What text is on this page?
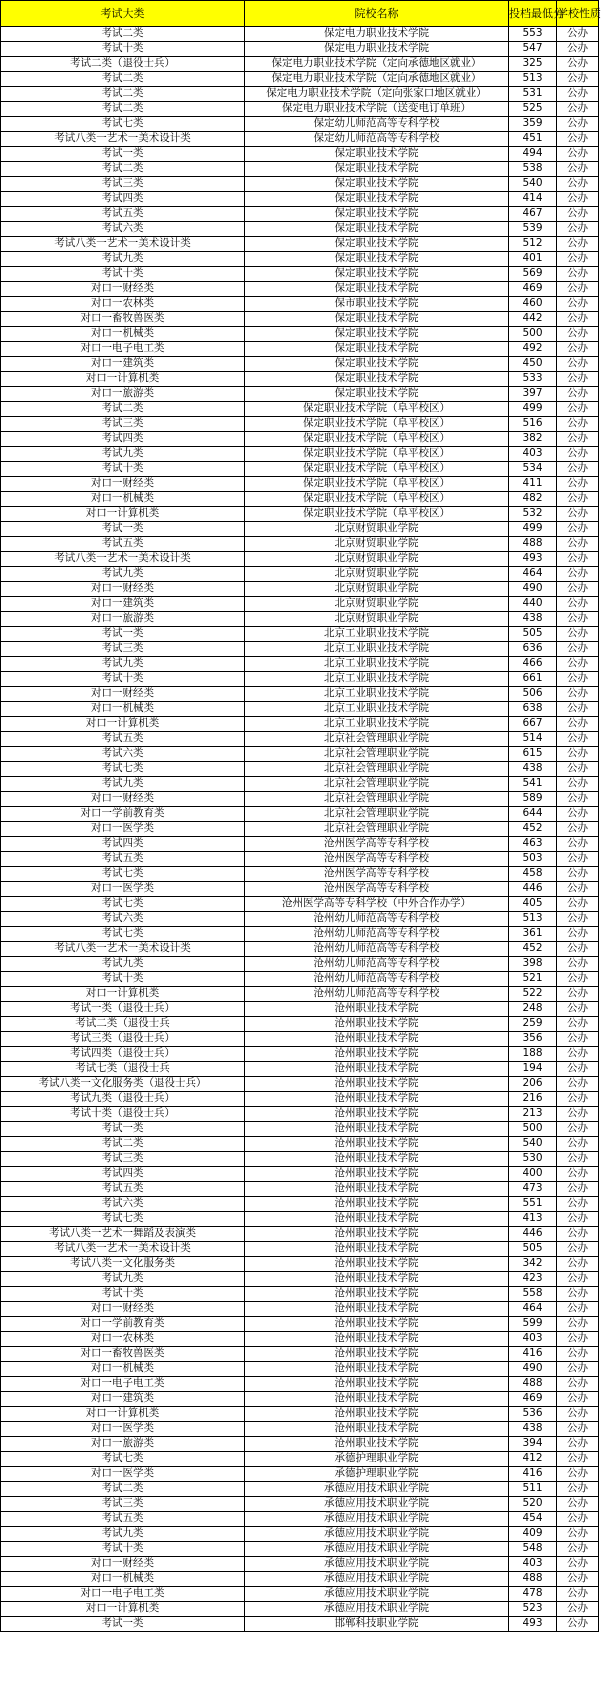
考试大类	院校名称	投档最低分	学校性质
考试二类	保定电力职业技术学院	553	公办
考试十类	保定电力职业技术学院	547	公办
考试二类（退役士兵）	保定电力职业技术学院（定向承德地区就业）	325	公办
考试二类	保定电力职业技术学院（定向承德地区就业）	513	公办
考试二类	保定电力职业技术学院（定向张家口地区就业）	531	公办
考试二类	保定电力职业技术学院（送变电订单班）	525	公办
考试七类	保定幼儿师范高等专科学校	359	公办
考试八类一艺术一美术设计类	保定幼儿师范高等专科学校	451	公办
考试一类	保定职业技术学院	494	公办
考试二类	保定职业技术学院	538	公办
考试三类	保定职业技术学院	540	公办
考试四类	保定职业技术学院	414	公办
考试五类	保定职业技术学院	467	公办
考试六类	保定职业技术学院	539	公办
考试八类一艺术一美术设计类	保定职业技术学院	512	公办
考试九类	保定职业技术学院	401	公办
考试十类	保定职业技术学院	569	公办
对口一财经类	保定职业技术学院	469	公办
对口一农林类	保市职业技术学院	460	公办
对口一畜牧兽医类	保定职业技术学院	442	公办
对口一机械类	保定职业技术学院	500	公办
对口一电子电工类	保定职业技术学院	492	公办
对口一建筑类	保定职业技术学院	450	公办
对口一计算机类	保定职业技术学院	533	公办
对口一旅游类	保定职业技术学院	397	公办
考试二类	保定职业技术学院（阜平校区）	499	公办
考试三类	保定职业技术学院（阜平校区）	516	公办
考试四类	保定职业技术学院（阜平校区）	382	公办
考试九类	保定职业技术学院（阜平校区）	403	公办
考试十类	保定职业技术学院（阜平校区）	534	公办
对口一财经类	保定职业技术学院（阜平校区）	411	公办
对口一机械类	保定职业技术学院（阜平校区）	482	公办
对口一计算机类	保定职业技术学院（阜平校区）	532	公办
考试一类	北京财贸职业学院	499	公办
考试五类	北京财贸职业学院	488	公办
考试八类一艺术一美术设计类	北京财贸职业学院	493	公办
考试九类	北京财贸职业学院	464	公办
对口一财经类	北京财贸职业学院	490	公办
对口一建筑类	北京财贸职业学院	440	公办
对口一旅游类	北京财贸职业学院	438	公办
考试一类	北京工业职业技术学院	505	公办
考试三类	北京工业职业技术学院	636	公办
考试九类	北京工业职业技术学院	466	公办
考试十类	北京工业职业技术学院	661	公办
对口一财经类	北京工业职业技术学院	506	公办
对口一机械类	北京工业职业技术学院	638	公办
对口一计算机类	北京工业职业技术学院	667	公办
考试五类	北京社会管理职业学院	514	公办
考试六类	北京社会管理职业学院	615	公办
考试七类	北京社会管理职业学院	438	公办
考试九类	北京社会管理职业学院	541	公办
对口一财经类	北京社会管理职业学院	589	公办
对口一学前教育类	北京社会管理职业学院	644	公办
对口一医学类	北京社会管理职业学院	452	公办
考试四类	沧州医学高等专科学校	463	公办
考试五类	沧州医学高等专科学校	503	公办
考试七类	沧州医学高等专科学校	458	公办
对口一医学类	沧州医学高等专科学校	446	公办
考试七类	沧州医学高等专科学校（中外合作办学）	405	公办
考试六类	沧州幼儿师范高等专科学校	513	公办
考试七类	沧州幼儿师范高等专科学校	361	公办
考试八类一艺术一美术设计类	沧州幼儿师范高等专科学校	452	公办
考试九类	沧州幼儿师范高等专科学校	398	公办
考试十类	沧州幼儿师范高等专科学校	521	公办
对口一计算机类	沧州幼儿师范高等专科学校	522	公办
考试一类（退役士兵）	沧州职业技术学院	248	公办
考试二类（退役士兵	沧州职业技术学院	259	公办
考试三类（退役士兵）	沧州职业技术学院	356	公办
考试四类（退役士兵）	沧州职业技术学院	188	公办
考试七类（退役士兵	沧州职业技术学院	194	公办
考试八类一文化服务类（退役士兵）	沧州职业技术学院	206	公办
考试九类（退役士兵）	沧州职业技术学院	216	公办
考试十类（退役士兵）	沧州职业技术学院	213	公办
考试一类	沧州职业技术学院	500	公办
考试二类	沧州职业技术学院	540	公办
考试三类	沧州职业技术学院	530	公办
考试四类	沧州职业技术学院	400	公办
考试五类	沧州职业技术学院	473	公办
考试六类	沧州职业技术学院	551	公办
考试七类	沧州职业技术学院	413	公办
考试八类一艺术一舞蹈及表演类	沧州职业技术学院	446	公办
考试八类一艺术一美术设计类	沧州职业技术学院	505	公办
考试八类一文化服务类	沧州职业技术学院	342	公办
考试九类	沧州职业技术学院	423	公办
考试十类	沧州职业技术学院	558	公办
对口一财经类	沧州职业技术学院	464	公办
对口一学前教育类	沧州职业技术学院	599	公办
对口一农林类	沧州职业技术学院	403	公办
对口一畜牧兽医类	沧州职业技术学院	416	公办
对口一机械类	沧州职业技术学院	490	公办
对口一电子电工类	沧州职业技术学院	488	公办
对口一建筑类	沧州职业技术学院	469	公办
对口一计算机类	沧州职业技术学院	536	公办
对口一医学类	沧州职业技术学院	438	公办
对口一旅游类	沧州职业技术学院	394	公办
考试七类	承德护理职业学院	412	公办
对口一医学类	承德护理职业学院	416	公办
考试二类	承德应用技术职业学院	511	公办
考试三类	承德应用技术职业学院	520	公办
考试五类	承德应用技术职业学院	454	公办
考试九类	承德应用技术职业学院	409	公办
考试十类	承德应用技术职业学院	548	公办
对口一财经类	承德应用技术职业学院	403	公办
对口一机械类	承德应用技术职业学院	488	公办
对口一电子电工类	承德应用技术职业学院	478	公办
对口一计算机类	承德应用技术职业学院	523	公办
考试一类	邯郸科技职业学院	493	公办
